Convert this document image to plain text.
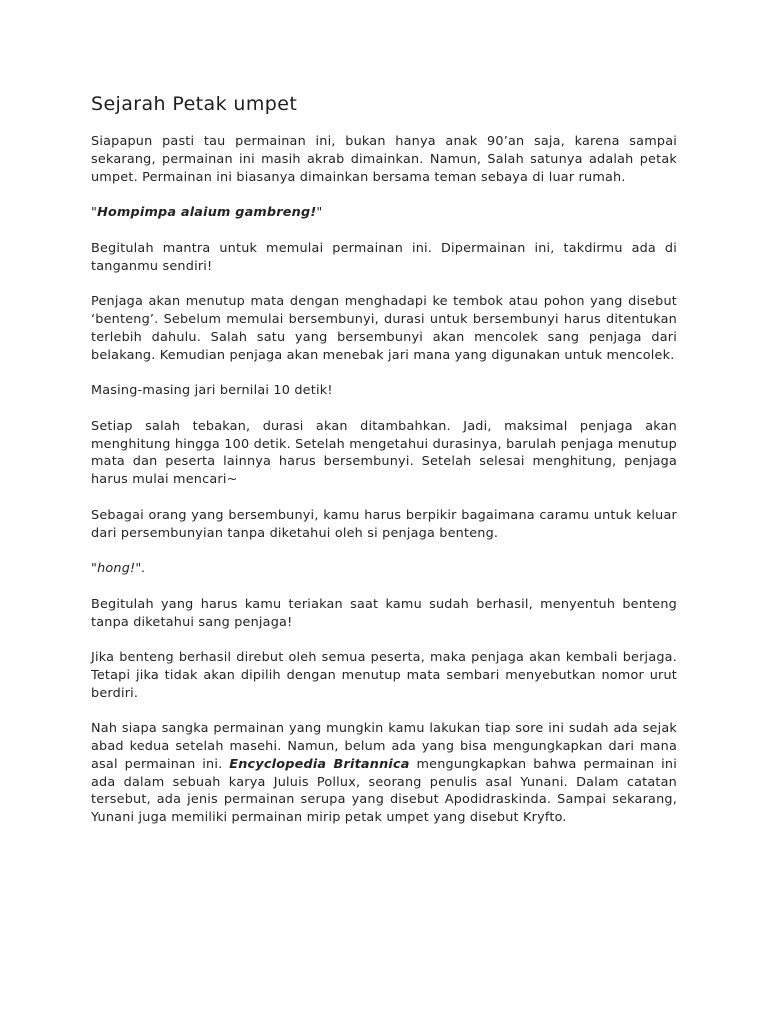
Sejarah Petak umpet

Siapapun pasti tau permainan ini, bukan hanya anak 90’an saja, karena sampai sekarang, permainan ini masih akrab dimainkan. Namun, Salah satunya adalah petak umpet. Permainan ini biasanya dimainkan bersama teman sebaya di luar rumah.

"Hompimpa alaium gambreng!"

Begitulah mantra untuk memulai permainan ini. Dipermainan ini, takdirmu ada di tanganmu sendiri!

Penjaga akan menutup mata dengan menghadapi ke tembok atau pohon yang disebut ‘benteng’. Sebelum memulai bersembunyi, durasi untuk bersembunyi harus ditentukan terlebih dahulu. Salah satu yang bersembunyi akan mencolek sang penjaga dari belakang. Kemudian penjaga akan menebak jari mana yang digunakan untuk mencolek.

Masing-masing jari bernilai 10 detik!

Setiap salah tebakan, durasi akan ditambahkan. Jadi, maksimal penjaga akan menghitung hingga 100 detik. Setelah mengetahui durasinya, barulah penjaga menutup mata dan peserta lainnya harus bersembunyi. Setelah selesai menghitung, penjaga harus mulai mencari~

Sebagai orang yang bersembunyi, kamu harus berpikir bagaimana caramu untuk keluar dari persembunyian tanpa diketahui oleh si penjaga benteng.

"hong!".

Begitulah yang harus kamu teriakan saat kamu sudah berhasil, menyentuh benteng tanpa diketahui sang penjaga!

Jika benteng berhasil direbut oleh semua peserta, maka penjaga akan kembali berjaga. Tetapi jika tidak akan dipilih dengan menutup mata sembari menyebutkan nomor urut berdiri.

Nah siapa sangka permainan yang mungkin kamu lakukan tiap sore ini sudah ada sejak abad kedua setelah masehi. Namun, belum ada yang bisa mengungkapkan dari mana asal permainan ini. Encyclopedia Britannica mengungkapkan bahwa permainan ini ada dalam sebuah karya Juluis Pollux, seorang penulis asal Yunani. Dalam catatan tersebut, ada jenis permainan serupa yang disebut Apodidraskinda. Sampai sekarang, Yunani juga memiliki permainan mirip petak umpet yang disebut Kryfto.
